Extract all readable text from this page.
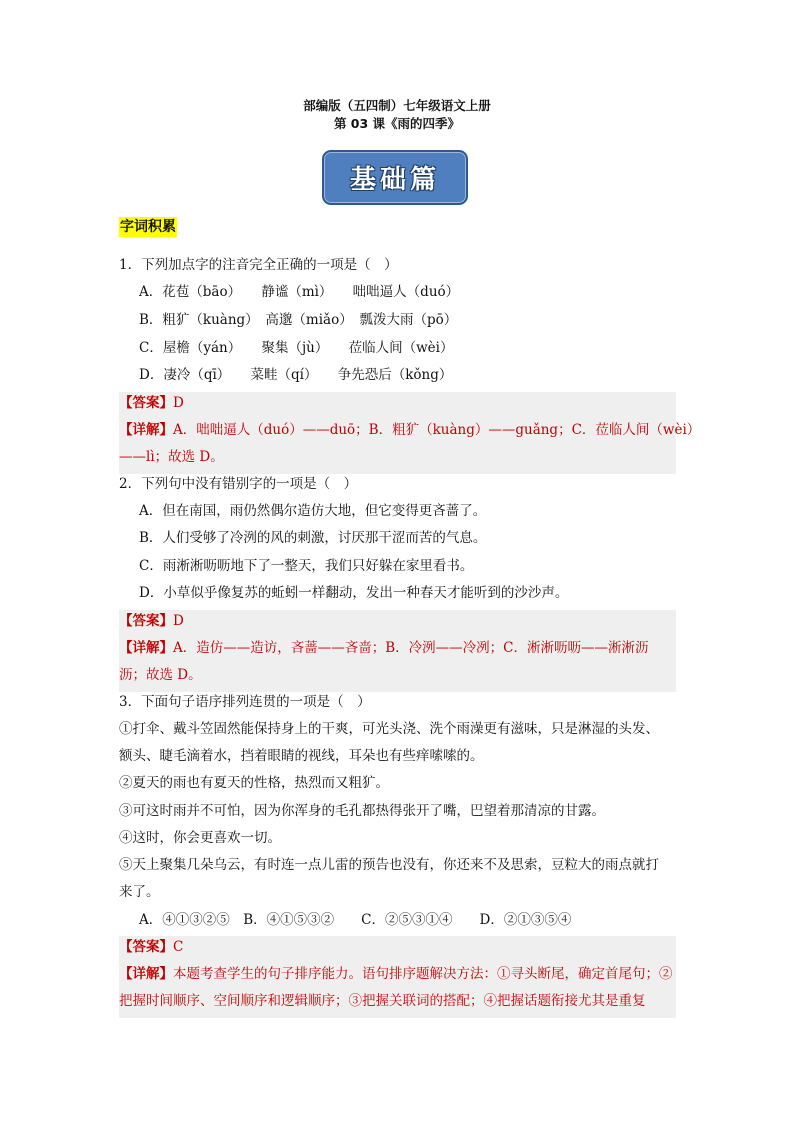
部编版（五四制）七年级语文上册
第 03 课《雨的四季》
基础篇
字词积累
1．下列加点字的注音完全正确的一项是（　）
A．花苞（bāo）　　静谧（mì）　　咄咄逼人（duó）
B．粗犷（kuàng）　高邈（miǎo）　瓢泼大雨（pō）
C．屋檐（yán）　　聚集（jù）　　莅临人间（wèi）
D．凄冷（qī）　　菜畦（qí）　　争先恐后（kǒng）
【答案】D
【详解】A．咄咄逼人（duó）——duō；B．粗犷（kuàng）——guǎng；C．莅临人间（wèi）
——lì；故选 D。
2．下列句中没有错别字的一项是（　）
A．但在南国，雨仍然偶尔造仿大地，但它变得更吝蔷了。
B．人们受够了冷洌的风的刺激，讨厌那干涩而苦的气息。
C．雨淅淅呖呖地下了一整天，我们只好躲在家里看书。
D．小草似乎像复苏的蚯蚓一样翻动，发出一种春天才能听到的沙沙声。
【答案】D
【详解】A．造仿——造访，吝蔷——吝啬；B．冷洌——冷冽；C．淅淅呖呖——淅淅沥
沥；故选 D。
3．下面句子语序排列连贯的一项是（　）
①打伞、戴斗笠固然能保持身上的干爽，可光头浇、洗个雨澡更有滋味，只是淋湿的头发、
额头、睫毛滴着水，挡着眼睛的视线，耳朵也有些痒嗦嗦的。
②夏天的雨也有夏天的性格，热烈而又粗犷。
③可这时雨并不可怕，因为你浑身的毛孔都热得张开了嘴，巴望着那清凉的甘露。
④这时，你会更喜欢一切。
⑤天上聚集几朵乌云，有时连一点儿雷的预告也没有，你还来不及思索，豆粒大的雨点就打
来了。
A．④①③②⑤　B．④①⑤③②　　C．②⑤③①④　　D．②①③⑤④
【答案】C
【详解】本题考查学生的句子排序能力。语句排序题解决方法：①寻头断尾，确定首尾句；②
把握时间顺序、空间顺序和逻辑顺序；③把握关联词的搭配；④把握话题衔接尤其是重复
